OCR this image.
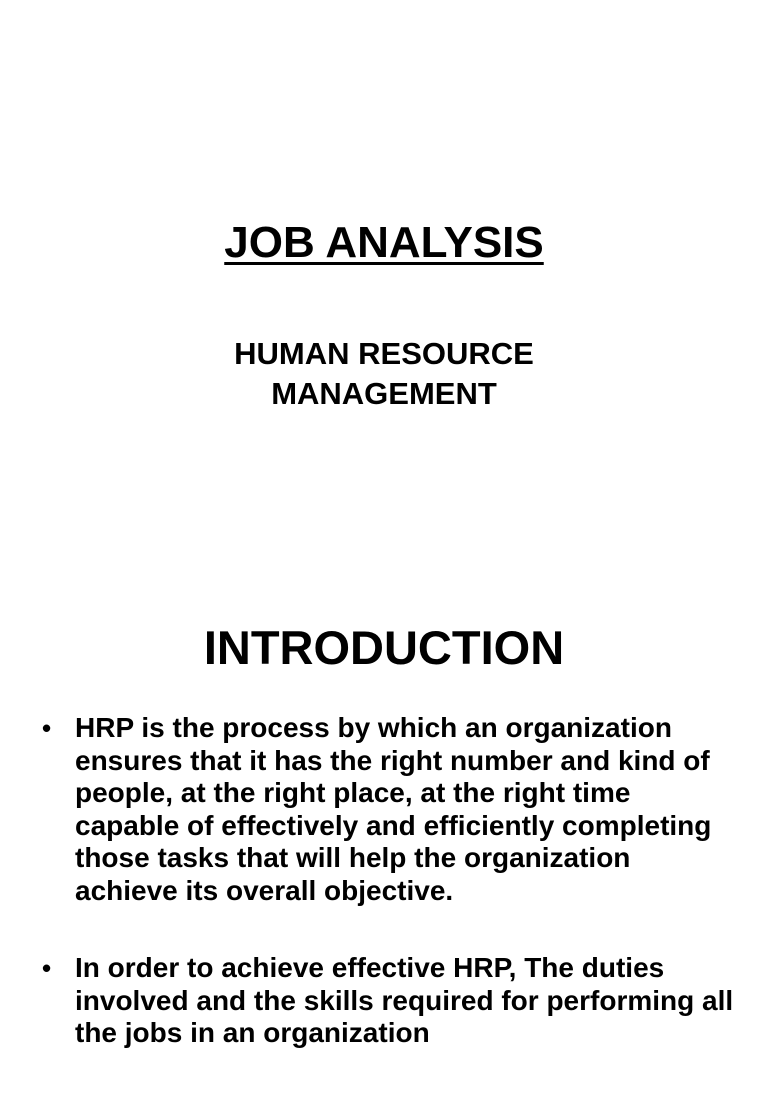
JOB ANALYSIS
HUMAN RESOURCE
MANAGEMENT
INTRODUCTION
• HRP is the process by which an organization ensures that it has the right number and kind of people, at the right place, at the right time capable of effectively and efficiently completing those tasks that will help the organization achieve its overall objective.
• In order to achieve effective HRP, The duties involved and the skills required for performing all the jobs in an organization
